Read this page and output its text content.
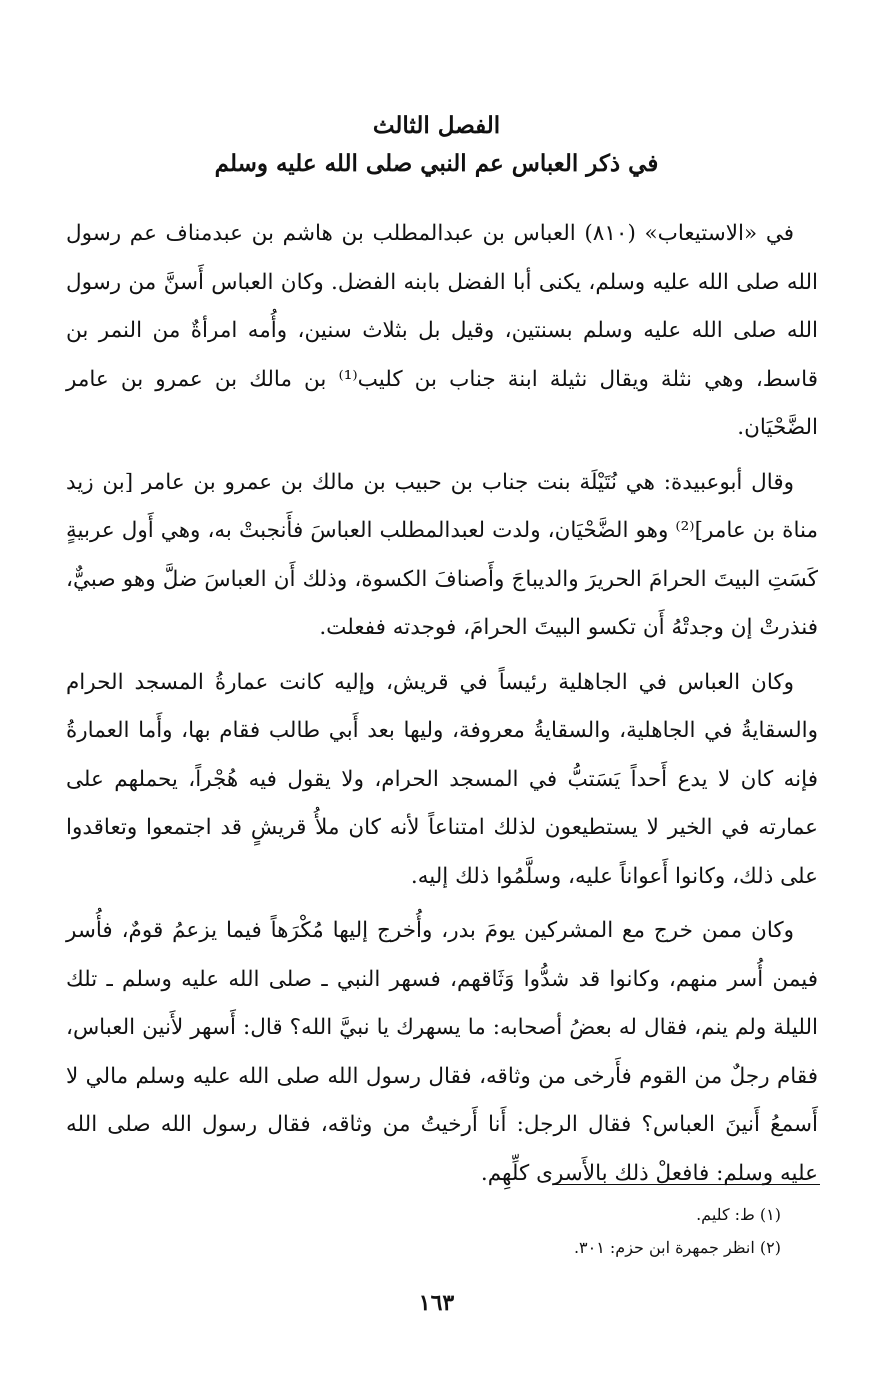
الفصل الثالث
في ذكر العباس عم النبي صلى الله عليه وسلم

في «الاستيعاب» (٨١٠) العباس بن عبدالمطلب بن هاشم بن عبدمناف عم رسول الله صلى الله عليه وسلم، يكنى أبا الفضل بابنه الفضل. وكان العباس أَسنَّ من رسول الله صلى الله عليه وسلم بسنتين، وقيل بل بثلاث سنين، وأُمه امرأةٌ من النمر بن قاسط، وهي نثلة ويقال نثيلة ابنة جناب بن كليب⁽¹⁾ بن مالك بن عمرو بن عامر الضَّحْيَان.

وقال أبوعبيدة: هي نُتَيْلَة بنت جناب بن حبيب بن مالك بن عمرو بن عامر [بن زيد مناة بن عامر]⁽²⁾ وهو الضَّحْيَان، ولدت لعبدالمطلب العباسَ فأَنجبتْ به، وهي أَول عربيةٍ كَسَتِ البيتَ الحرامَ الحريرَ والديباجَ وأَصنافَ الكسوة، وذلك أَن العباسَ ضلَّ وهو صبيٌّ، فنذرتْ إن وجدتْهُ أَن تكسو البيتَ الحرامَ، فوجدته ففعلت.

وكان العباس في الجاهلية رئيساً في قريش، وإليه كانت عمارةُ المسجد الحرام والسقايةُ في الجاهلية، والسقايةُ معروفة، وليها بعد أَبي طالب فقام بها، وأَما العمارةُ فإنه كان لا يدع أَحداً يَسَتبُّ في المسجد الحرام، ولا يقول فيه هُجْراً، يحملهم على عمارته في الخير لا يستطيعون لذلك امتناعاً لأنه كان ملأُ قريشٍ قد اجتمعوا وتعاقدوا على ذلك، وكانوا أَعواناً عليه، وسلَّمُوا ذلك إليه.

وكان ممن خرج مع المشركين يومَ بدر، وأُخرج إليها مُكْرَهاً فيما يزعمُ قومٌ، فأُسر فيمن أُسر منهم، وكانوا قد شدُّوا وَثَاقهم، فسهر النبي ـ صلى الله عليه وسلم ـ تلك الليلة ولم ينم، فقال له بعضُ أصحابه: ما يسهرك يا نبيَّ الله؟ قال: أَسهر لأَنين العباس، فقام رجلٌ من القوم فأَرخى من وثاقه، فقال رسول الله صلى الله عليه وسلم مالي لا أَسمعُ أَنينَ العباس؟ فقال الرجل: أَنا أَرخيتُ من وثاقه، فقال رسول الله صلى الله عليه وسلم: فافعلْ ذلك بالأَسرى كلِّهِم.

(١) ط: كليم.

(٢) انظر جمهرة ابن حزم: ٣٠١.

١٦٣
